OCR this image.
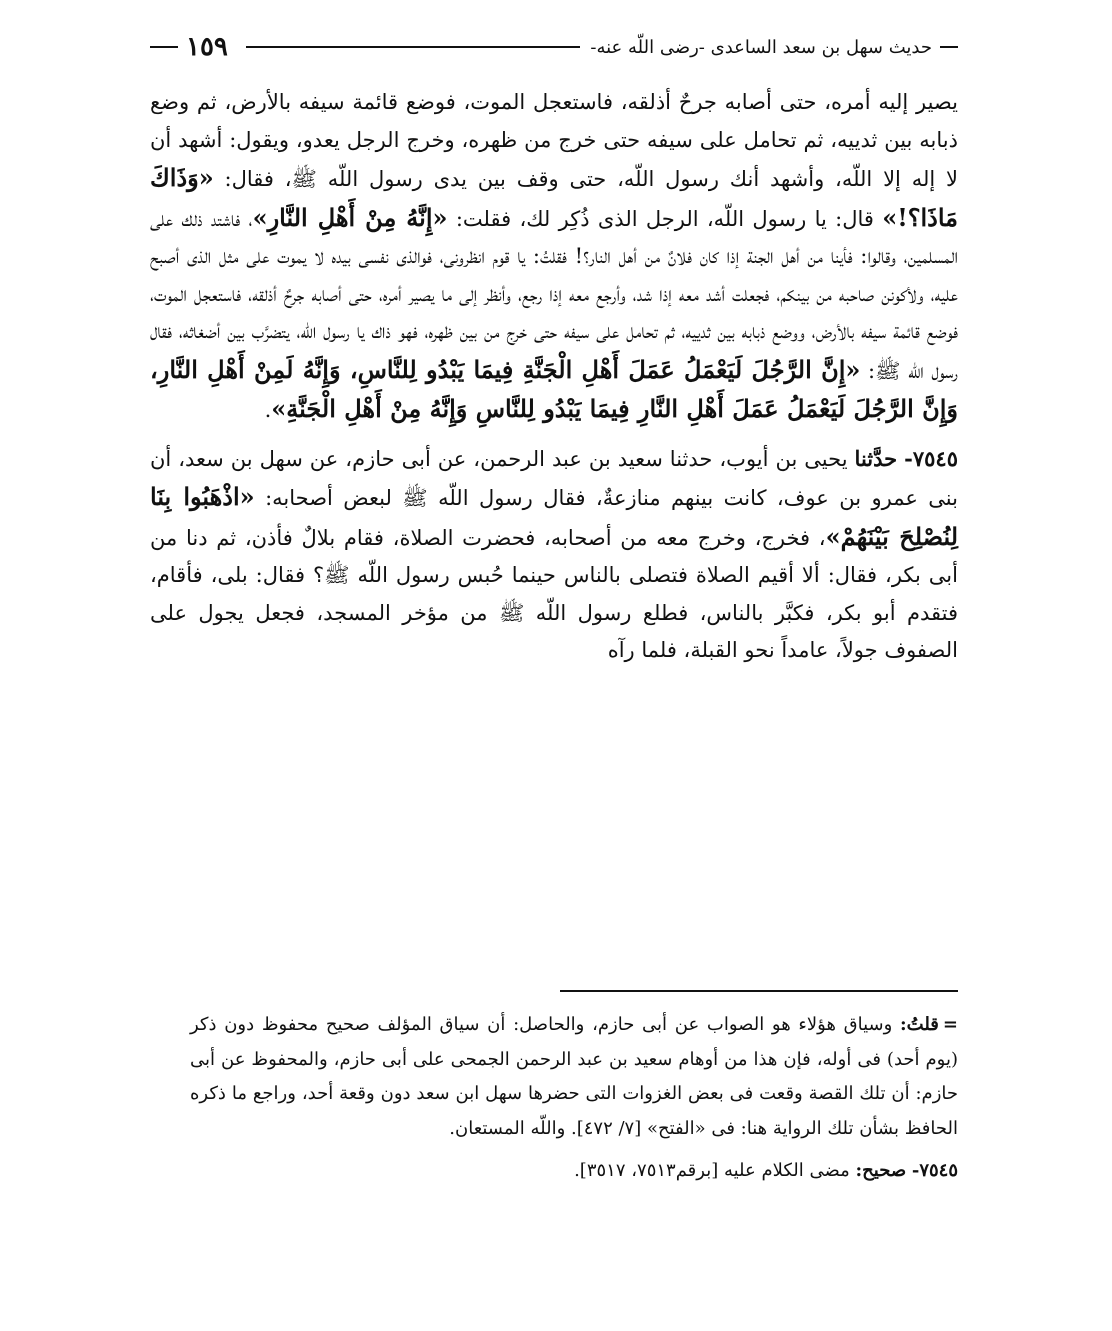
١٥٩	حديث سهل بن سعد الساعدى -رضى اللّه عنه-

يصير إليه أمره، حتى أصابه جرحٌ أذلقه، فاستعجل الموت، فوضع قائمة سيفه بالأرض، ثم وضع ذبابه بين ثدييه، ثم تحامل على سيفه حتى خرج من ظهره، وخرج الرجل يعدو، ويقول: أشهد أن لا إله إلا اللّه، وأشهد أنك رسول اللّه، حتى وقف بين يدى رسول اللّه ﷺ، فقال: «وَذَاكَ مَاذَا؟!» قال: يا رسول اللّه، الرجل الذى ذُكِر لك، فقلت: «إِنَّهُ مِنْ أَهْلِ النَّارِ»، فاشتد ذلك على المسلمين، وقالوا: فأينا من أهل الجنة إذا كان فلانٌ من أهل النار؟! فقلتُ: يا قوم انظرونى، فوالذى نفسى بيده لا يموت على مثل الذى أصبح عليه، ولأكونن صاحبه من بينكم، فجعلت أشد معه إذا شد، وأرجع معه إذا رجع، وأنظر إلى ما يصير أمره، حتى أصابه جرحٌ أذلقه، فاستعجل الموت، فوضع قائمة سيفه بالأرض، ووضع ذبابه بين ثدييه، ثم تحامل على سيفه حتى خرج من بين ظهره، فهو ذاك يا رسول اللّه، يتضرَّب بين أضغاثه، فقال رسول اللّه ﷺ: «إِنَّ الرَّجُلَ لَيَعْمَلُ عَمَلَ أَهْلِ الْجَنَّةِ فِيمَا يَبْدُو لِلنَّاسِ، وَإِنَّهُ لَمِنْ أَهْلِ النَّارِ، وَإِنَّ الرَّجُلَ لَيَعْمَلُ عَمَلَ أَهْلِ النَّارِ فِيمَا يَبْدُو لِلنَّاسِ وَإِنَّهُ مِنْ أَهْلِ الْجَنَّةِ».

٧٥٤٥- حدَّثنا يحيى بن أيوب، حدثنا سعيد بن عبد الرحمن، عن أبى حازم، عن سهل بن سعد، أن بنى عمرو بن عوف، كانت بينهم منازعةٌ، فقال رسول اللّه ﷺ لبعض أصحابه: «اذْهَبُوا بِنَا لِنُصْلِحَ بَيْنَهُمْ»، فخرج، وخرج معه من أصحابه، فحضرت الصلاة، فقام بلالٌ فأذن، ثم دنا من أبى بكر، فقال: ألا أقيم الصلاة فتصلى بالناس حينما حُبس رسول اللّه ﷺ؟ فقال: بلى، فأقام، فتقدم أبو بكر، فكبَّر بالناس، فطلع رسول اللّه ﷺ من مؤخر المسجد، فجعل يجول على الصفوف جولاً، عامداً نحو القبلة، فلما رآه

=قلتُ: وسياق هؤلاء هو الصواب عن أبى حازم، والحاصل: أن سياق المؤلف صحيح محفوظ دون ذكر (يوم أحد) فى أوله، فإن هذا من أوهام سعيد بن عبد الرحمن الجمحى على أبى حازم، والمحفوظ عن أبى حازم: أن تلك القصة وقعت فى بعض الغزوات التى حضرها سهل ابن سعد دون وقعة أحد، وراجع ما ذكره الحافظ بشأن تلك الرواية هنا: فى «الفتح» [٧/ ٤٧٢]. واللّه المستعان.

٧٥٤٥- صحيح: مضى الكلام عليه [برقم٧٥١٣، ٣٥١٧].
